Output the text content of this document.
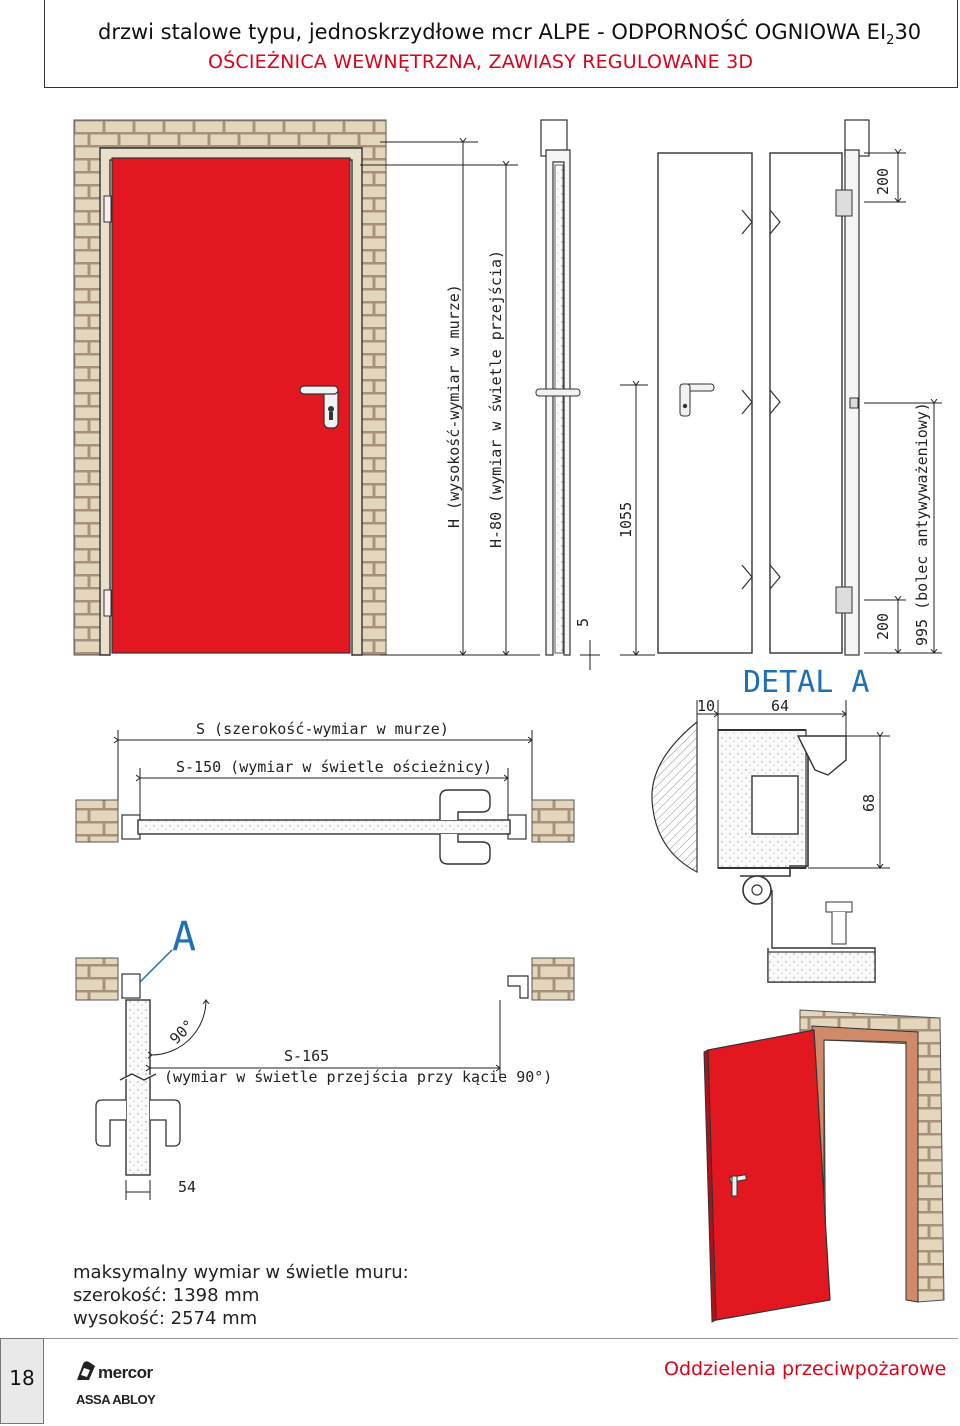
drzwi stalowe typu, jednoskrzydłowe mcr ALPE - ODPORNOŚĆ OGNIOWA $EI_230$
OŚCIEŻNICA WEWNĘTRZNA, ZAWIASY REGULOWANE 3D
H (wysokość-wymiar w murze) H-80 (wymiar w świetle przejścia)
5
1055
200
200 995 (bolec antywyważeniowy)
DETAL A
10	64
68
S (szerokość-wymiar w murze)
S-150 (wymiar w świetle ościeżnicy)
A
90°
S-165
(wymiar w świetle przejścia przy kącie 90°)
54
maksymalny wymiar w świetle muru:
szerokość: 1398 mm
wysokość: 2574 mm
18	mercor
ASSA ABLOY
Oddzielenia przeciwpożarowe
